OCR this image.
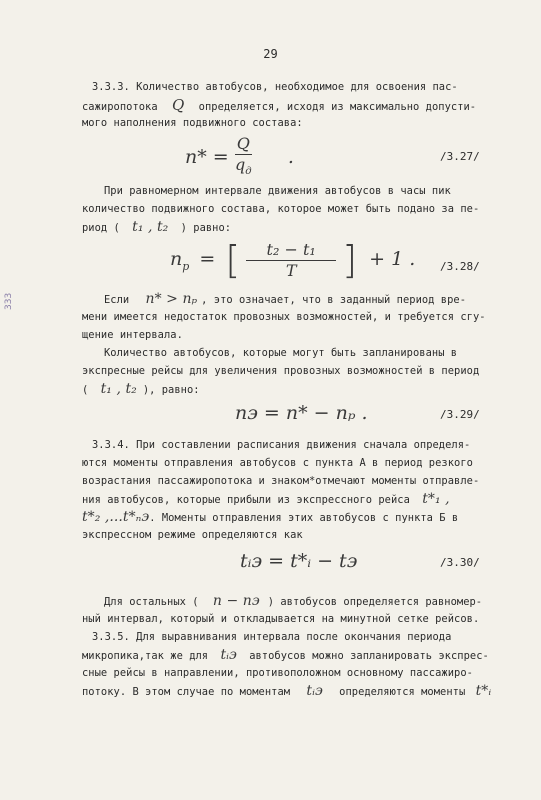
333
29
3.3.3. Количество автобусов, необходимое для освоения пас-
сажиропотока Q определяется, исходя из максимально допусти-
мого наполнения подвижного состава:
$n* = \frac{Q}{q_д}$ .	/3.27/
При равномерном интервале движения автобусов в часы пик
количество подвижного состава, которое может быть подано за пе-
риод ( t₁ , t₂ ) равно:
$n_р$ = [ $\frac{\text{t₂ − t₁}}{T}$ ] + 1 . /3.28/
Если n* > nₚ , это означает, что в заданный период вре-
мени имеется недостаток провозных возможностей, и требуется сгу-
щение интервала.
Количество автобусов, которые могут быть запланированы в
экспресные рейсы для увеличения провозных возможностей в период
( t₁ , t₂ ), равно:
nэ = n* − nₚ .	/3.29/
3.3.4. При составлении расписания движения сначала определя-
ются моменты отправления автобусов с пункта А в период резкого
возрастания пассажиропотока и знаком*отмечают моменты отправле-
ния автобусов, которые прибыли из экспрессного рейса t*₁ ,
t*₂ ,...t*ₙэ. Моменты отправления этих автобусов с пункта Б в
экспрессном режиме определяются как
tᵢэ = t*ᵢ − tэ	/3.30/
Для остальных ( n − nэ ) автобусов определяется равномер-
ный интервал, который и откладывается на минутной сетке рейсов.
3.3.5. Для выравнивания интервала после окончания периода
микропика,так же для tᵢэ автобусов можно запланировать экспрес-
сные рейсы в направлении, противоположном основному пассажиро-
потоку. В этом случае по моментам tᵢэ определяются моменты t*ᵢ
